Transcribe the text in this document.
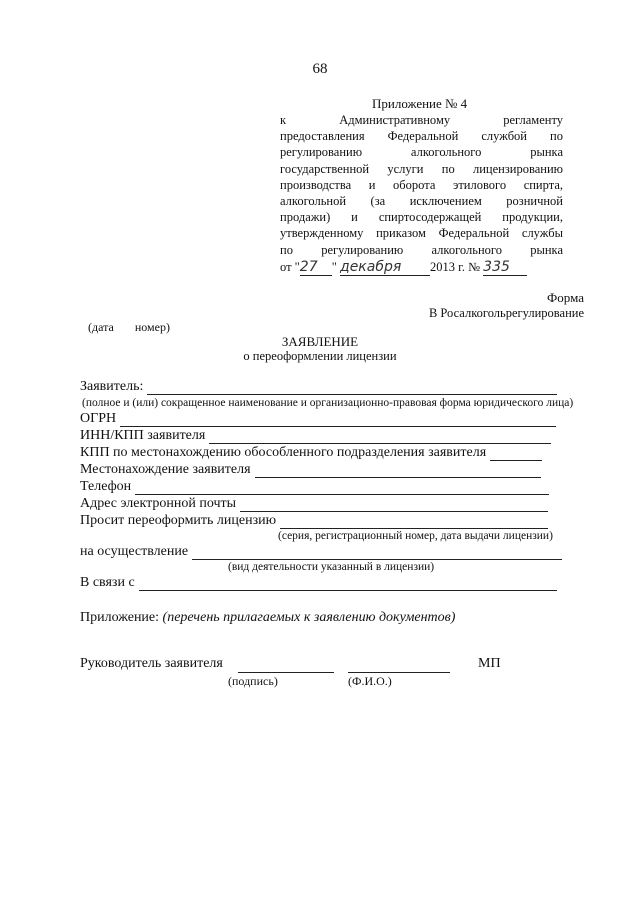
68
Приложение № 4
к Административному регламенту
предоставления Федеральной службой по
регулированию алкогольного рынка
государственной услуги по лицензированию
производства и оборота этилового спирта,
алкогольной (за исключением розничной
продажи) и спиртосодержащей продукции,
утвержденному приказом Федеральной службы
по регулированию алкогольного рынка
от "27 " декабря 2013 г. № 335
Форма
В Росалкогольрегулирование
(дата номер)
ЗАЯВЛЕНИЕ
о переоформлении лицензии
Заявитель:
(полное и (или) сокращенное наименование и организационно-правовая форма юридического лица)
ОГРН
ИНН/КПП заявителя
КПП по местонахождению обособленного подразделения заявителя
Местонахождение заявителя
Телефон
Адрес электронной почты
Просит переоформить лицензию
(серия, регистрационный номер, дата выдачи лицензии)
на осуществление
(вид деятельности указанный в лицензии)
В связи с
Приложение: (перечень прилагаемых к заявлению документов)
Руководитель заявителя	МП
(подпись)	(Ф.И.О.)
